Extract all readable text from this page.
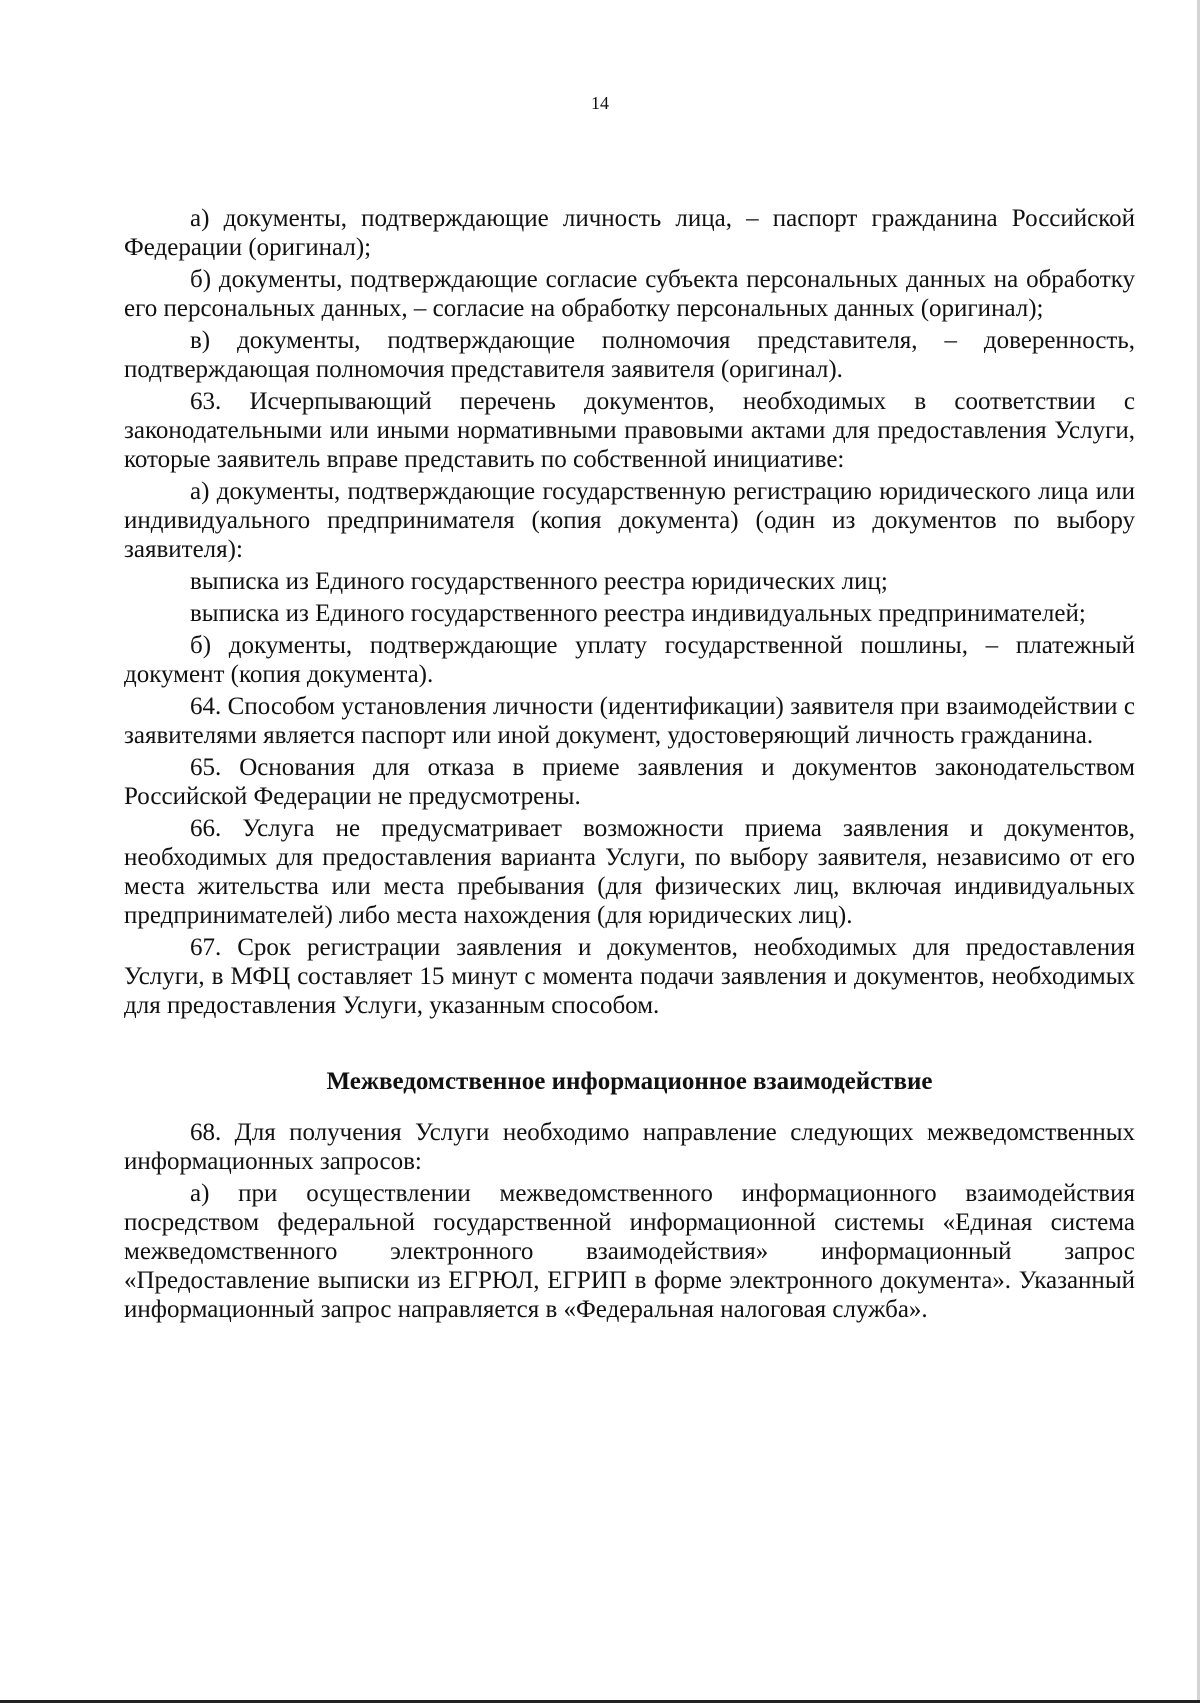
14

а) документы, подтверждающие личность лица, – паспорт гражданина Российской Федерации (оригинал);

б) документы, подтверждающие согласие субъекта персональных данных на обработку его персональных данных, – согласие на обработку персональных данных (оригинал);

в) документы, подтверждающие полномочия представителя, – доверенность, подтверждающая полномочия представителя заявителя (оригинал).

63. Исчерпывающий перечень документов, необходимых в соответствии с законодательными или иными нормативными правовыми актами для предоставления Услуги, которые заявитель вправе представить по собственной инициативе:

а) документы, подтверждающие государственную регистрацию юридического лица или индивидуального предпринимателя (копия документа) (один из документов по выбору заявителя):

выписка из Единого государственного реестра юридических лиц;

выписка из Единого государственного реестра индивидуальных предпринимателей;

б) документы, подтверждающие уплату государственной пошлины, – платежный документ (копия документа).

64. Способом установления личности (идентификации) заявителя при взаимодействии с заявителями является паспорт или иной документ, удостоверяющий личность гражданина.

65. Основания для отказа в приеме заявления и документов законодательством Российской Федерации не предусмотрены.

66. Услуга не предусматривает возможности приема заявления и документов, необходимых для предоставления варианта Услуги, по выбору заявителя, независимо от его места жительства или места пребывания (для физических лиц, включая индивидуальных предпринимателей) либо места нахождения (для юридических лиц).

67. Срок регистрации заявления и документов, необходимых для предоставления Услуги, в МФЦ составляет 15 минут с момента подачи заявления и документов, необходимых для предоставления Услуги, указанным способом.

Межведомственное информационное взаимодействие

68. Для получения Услуги необходимо направление следующих межведомственных информационных запросов:

а) при осуществлении межведомственного информационного взаимодействия посредством федеральной государственной информационной системы «Единая система межведомственного электронного взаимодействия» информационный запрос «Предоставление выписки из ЕГРЮЛ, ЕГРИП в форме электронного документа». Указанный информационный запрос направляется в «Федеральная налоговая служба».
